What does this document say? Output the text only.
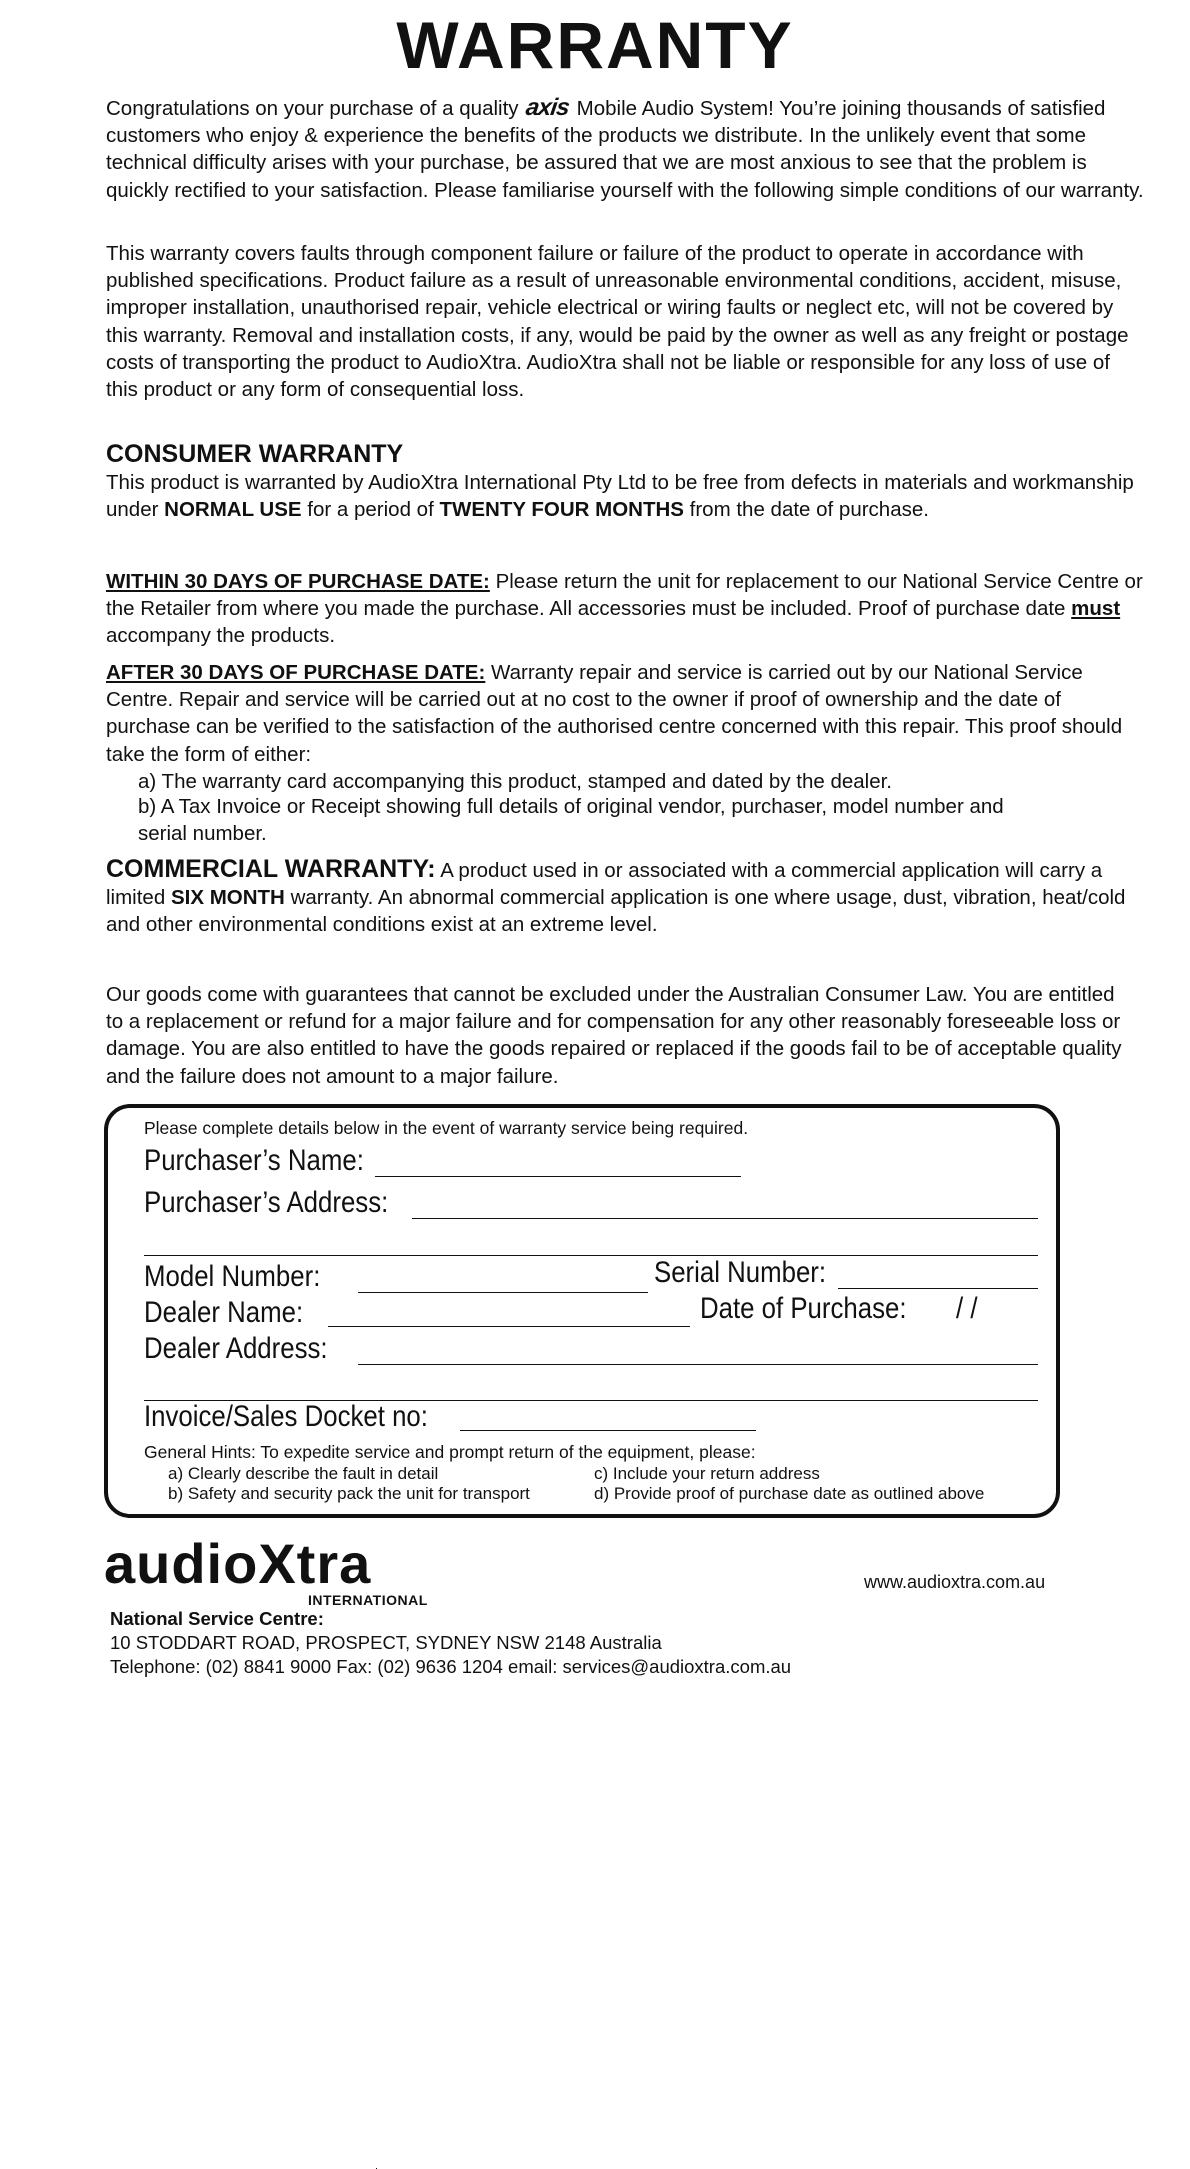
WARRANTY

Congratulations on your purchase of a quality axis Mobile Audio System! You’re joining thousands of satisfied customers who enjoy & experience the benefits of the products we distribute. In the unlikely event that some technical difficulty arises with your purchase, be assured that we are most anxious to see that the problem is quickly rectified to your satisfaction. Please familiarise yourself with the following simple conditions of our warranty.

This warranty covers faults through component failure or failure of the product to operate in accordance with published specifications. Product failure as a result of unreasonable environmental conditions, accident, misuse, improper installation, unauthorised repair, vehicle electrical or wiring faults or neglect etc, will not be covered by this warranty. Removal and installation costs, if any, would be paid by the owner as well as any freight or postage costs of transporting the product to AudioXtra. AudioXtra shall not be liable or responsible for any loss of use of this product or any form of consequential loss.

CONSUMER WARRANTY
This product is warranted by AudioXtra International Pty Ltd to be free from defects in materials and workmanship under NORMAL USE for a period of TWENTY FOUR MONTHS from the date of purchase.

WITHIN 30 DAYS OF PURCHASE DATE: Please return the unit for replacement to our National Service Centre or the Retailer from where you made the purchase. All accessories must be included. Proof of purchase date must accompany the products.

AFTER 30 DAYS OF PURCHASE DATE: Warranty repair and service is carried out by our National Service Centre. Repair and service will be carried out at no cost to the owner if proof of ownership and the date of purchase can be verified to the satisfaction of the authorised centre concerned with this repair. This proof should take the form of either:
a) The warranty card accompanying this product, stamped and dated by the dealer.

b) A Tax Invoice or Receipt showing full details of original vendor, purchaser, model number and serial number.

COMMERCIAL WARRANTY: A product used in or associated with a commercial application will carry a limited SIX MONTH warranty. An abnormal commercial application is one where usage, dust, vibration, heat/cold and other environmental conditions exist at an extreme level.

Our goods come with guarantees that cannot be excluded under the Australian Consumer Law. You are entitled to a replacement or refund for a major failure and for compensation for any other reasonably foreseeable loss or damage. You are also entitled to have the goods repaired or replaced if the goods fail to be of acceptable quality and the failure does not amount to a major failure.

Please complete details below in the event of warranty service being required.
Purchaser’s Name:
Purchaser’s Address:
Model Number:	Serial Number:
Dealer Name:	Date of Purchase: / /
Dealer Address:
Invoice/Sales Docket no:
General Hints: To expedite service and prompt return of the equipment, please:
a) Clearly describe the fault in detail
b) Safety and security pack the unit for transport
c) Include your return address
d) Provide proof of purchase date as outlined above
audioXtra
INTERNATIONAL
www.audioxtra.com.au
National Service Centre:
10 STODDART ROAD, PROSPECT, SYDNEY NSW 2148 Australia
Telephone: (02) 8841 9000 Fax: (02) 9636 1204 email: services@audioxtra.com.au
